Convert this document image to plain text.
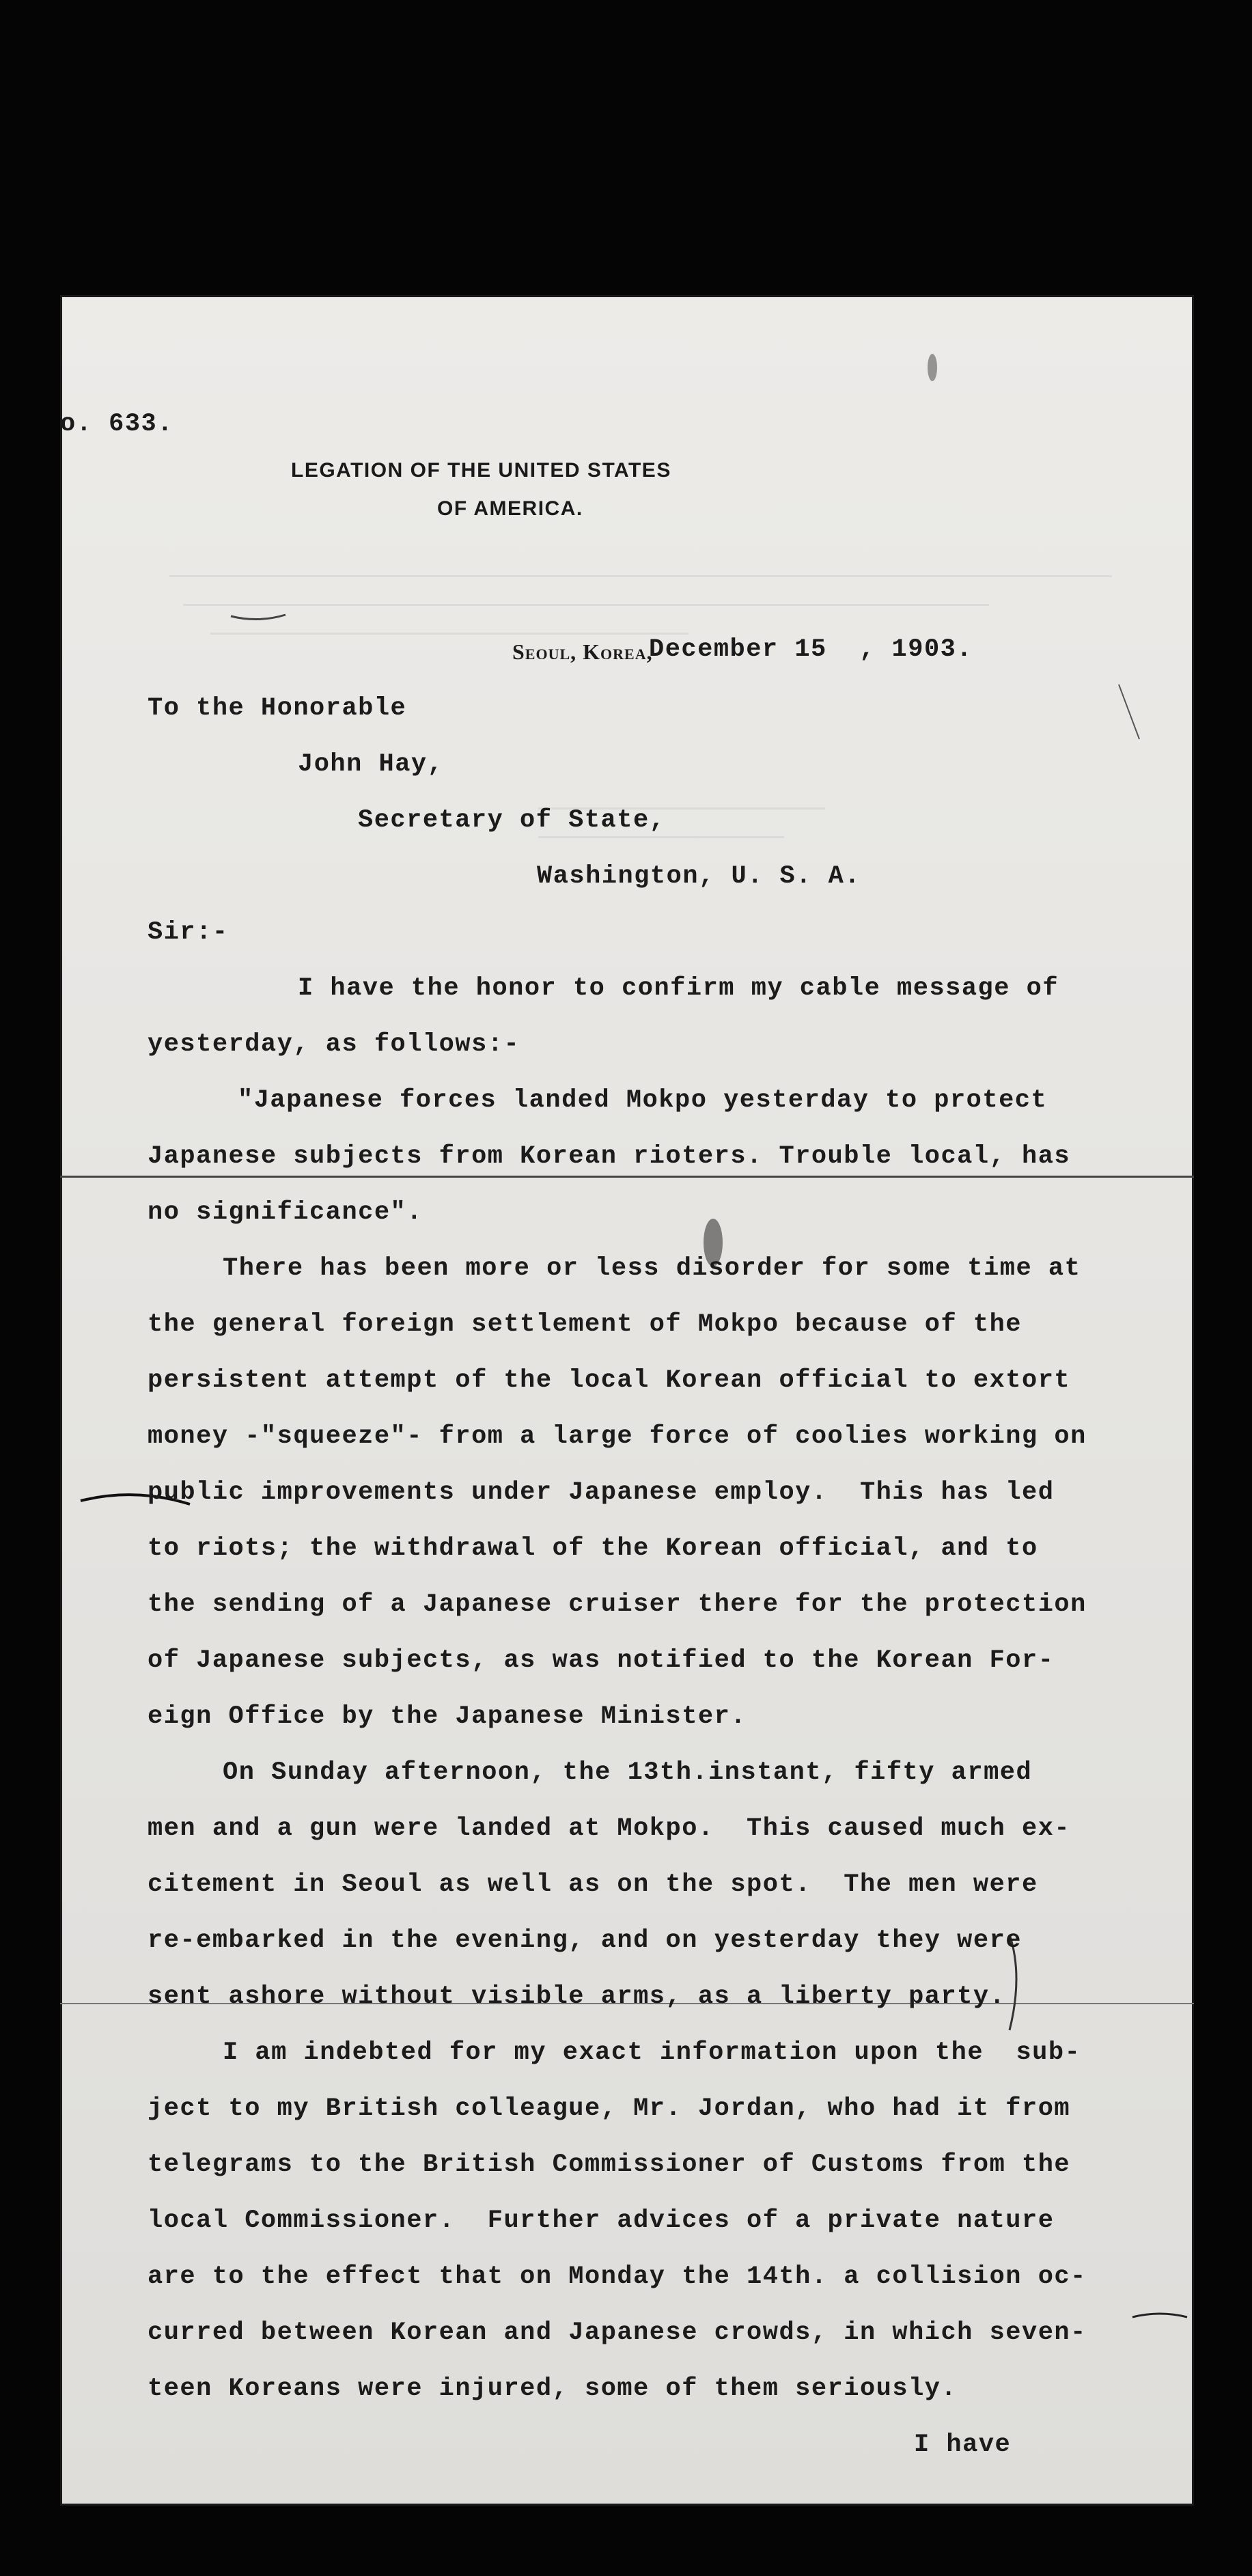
o. 633.
LEGATION OF THE UNITED STATES
OF AMERICA.
Seoul, Korea,
December 15  , 1903.
To the Honorable
John Hay,
Secretary of State,
Washington, U. S. A.
Sir:-
I have the honor to confirm my cable message of
yesterday, as follows:-
"Japanese forces landed Mokpo yesterday to protect
Japanese subjects from Korean rioters. Trouble local, has
no significance".
There has been more or less disorder for some time at
the general foreign settlement of Mokpo because of the
persistent attempt of the local Korean official to extort
money -"squeeze"- from a large force of coolies working on
public improvements under Japanese employ.  This has led
to riots; the withdrawal of the Korean official, and to
the sending of a Japanese cruiser there for the protection
of Japanese subjects, as was notified to the Korean For-
eign Office by the Japanese Minister.
On Sunday afternoon, the 13th.instant, fifty armed
men and a gun were landed at Mokpo.  This caused much ex-
citement in Seoul as well as on the spot.  The men were
re-embarked in the evening, and on yesterday they were
sent ashore without visible arms, as a liberty party.
I am indebted for my exact information upon the  sub-
ject to my British colleague, Mr. Jordan, who had it from
telegrams to the British Commissioner of Customs from the
local Commissioner.  Further advices of a private nature
are to the effect that on Monday the 14th. a collision oc-
curred between Korean and Japanese crowds, in which seven-
teen Koreans were injured, some of them seriously.
I have
